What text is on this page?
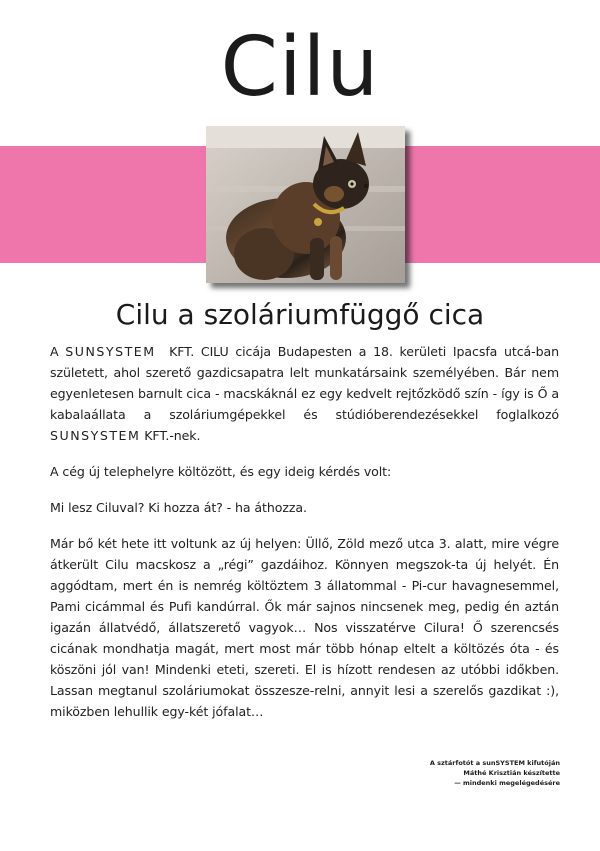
Cilu
Cilu a szoláriumfüggő cica

A SUNSYSTEM KFT. CILU cicája Budapesten a 18. kerületi Ipacsfa utcá-ban született, ahol szerető gazdicsapatra lelt munkatársaink személyében. Bár nem egyenletesen barnult cica - macskáknál ez egy kedvelt rejtőzködő szín - így is Ő a kabalaállata a szoláriumgépekkel és stúdióberendezésekkel foglalkozó SUNSYSTEM KFT.-nek.

A cég új telephelyre költözött, és egy ideig kérdés volt:

Mi lesz Ciluval? Ki hozza át? - ha áthozza.

Már bő két hete itt voltunk az új helyen: Üllő, Zöld mező utca 3. alatt, mire végre átkerült Cilu macskosz a „régi” gazdáihoz. Könnyen megszok-ta új helyét. Én aggódtam, mert én is nemrég költöztem 3 állatommal - Pi-cur havagnesemmel, Pami cicámmal és Pufi kandúrral. Ők már sajnos nincsenek meg, pedig én aztán igazán állatvédő, állatszerető vagyok… Nos visszatérve Cilura! Ő szerencsés cicának mondhatja magát, mert most már több hónap eltelt a költözés óta - és köszöni jól van! Mindenki eteti, szereti. El is hízott rendesen az utóbbi időkben. Lassan megtanul szoláriumokat összesze-relni, annyit lesi a szerelős gazdikat :), miközben lehullik egy-két jófalat…

A sztárfotót a sunSYSTEM kifutóján
Máthé Krisztián készítette
— mindenki megelégedésére
